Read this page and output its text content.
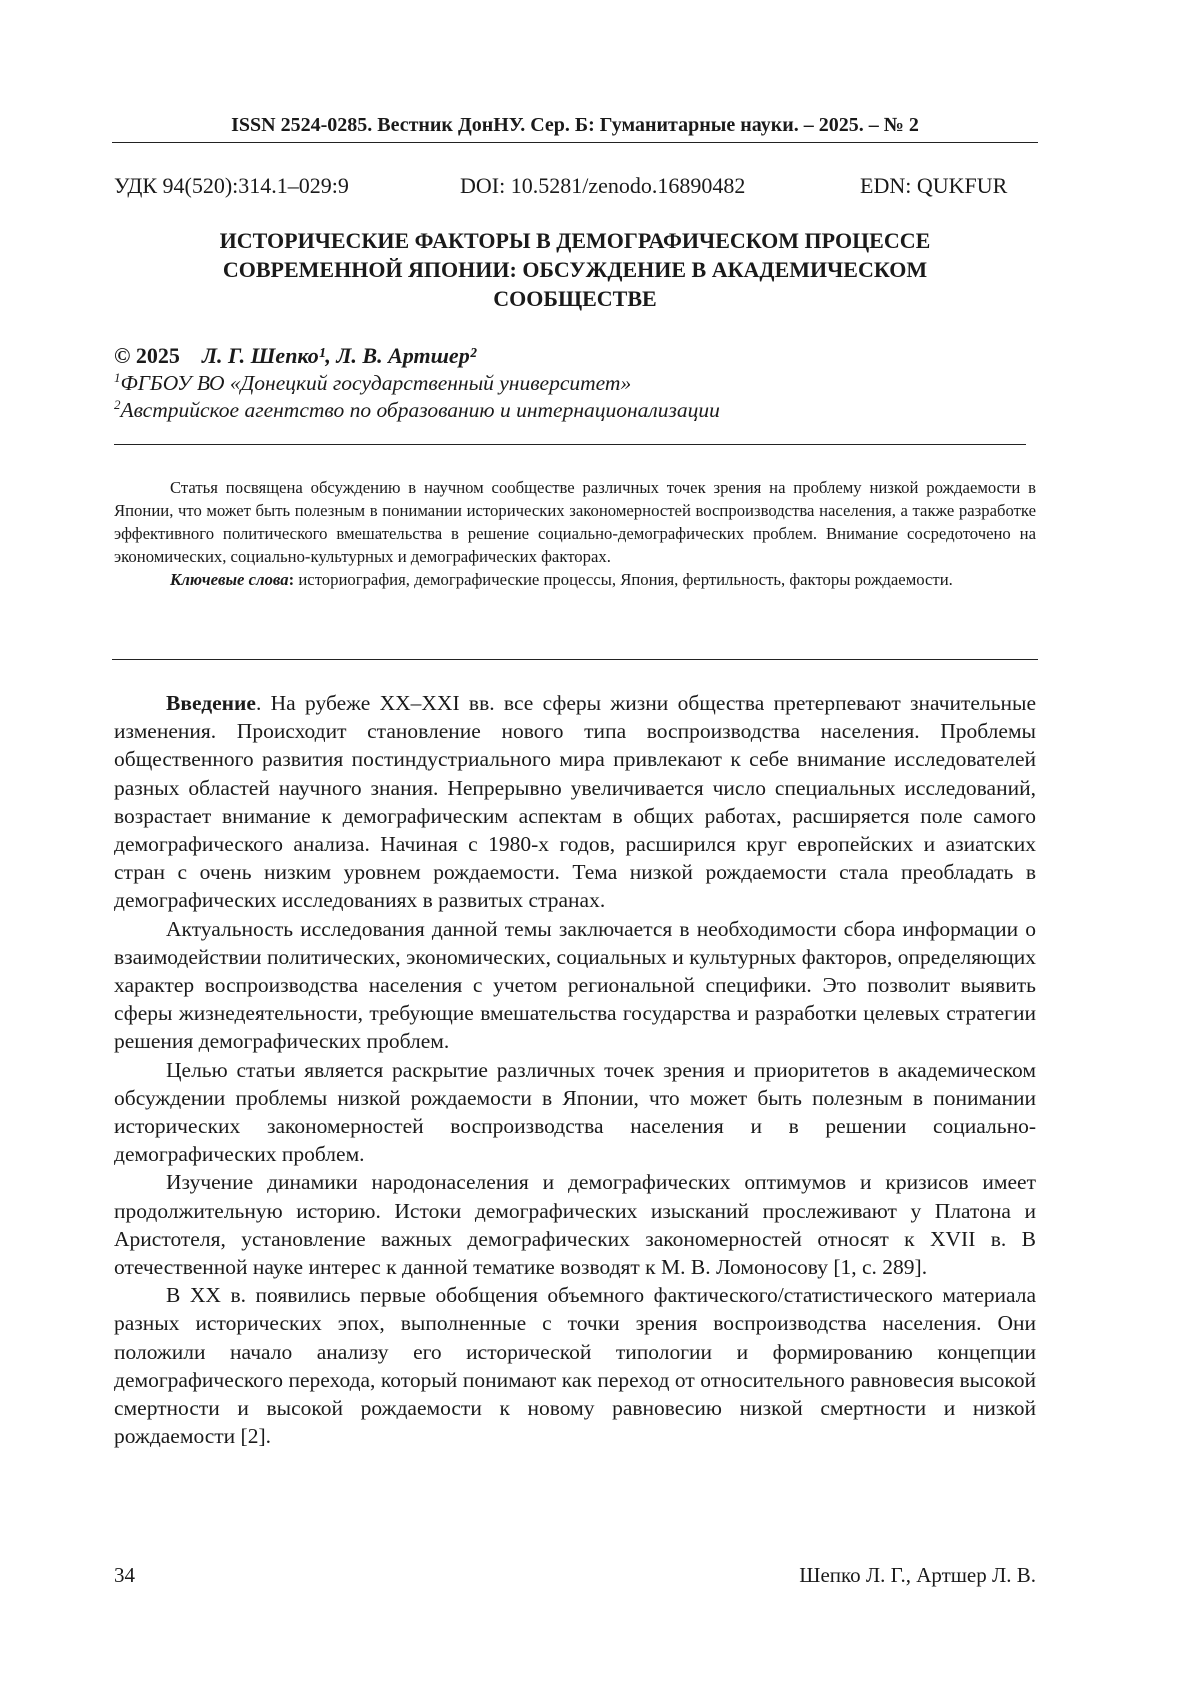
ISSN 2524-0285. Вестник ДонНУ. Сер. Б: Гуманитарные науки. – 2025. – № 2
УДК 94(520):314.1–029:9	DOI: 10.5281/zenodo.16890482	EDN: QUKFUR
ИСТОРИЧЕСКИЕ ФАКТОРЫ В ДЕМОГРАФИЧЕСКОМ ПРОЦЕССЕ СОВРЕМЕННОЙ ЯПОНИИ: ОБСУЖДЕНИЕ В АКАДЕМИЧЕСКОМ СООБЩЕСТВЕ
© 2025 Л. Г. Шепко¹, Л. В. Артшер²
$^1$ФГБОУ ВО «Донецкий государственный университет»
$^2$Австрийское агентство по образованию и интернационализации

Статья посвящена обсуждению в научном сообществе различных точек зрения на проблему низкой рождаемости в Японии, что может быть полезным в понимании исторических закономерностей воспроизводства населения, а также разработке эффективного политического вмешательства в решение социально-демографических проблем. Внимание сосредоточено на экономических, социально-культурных и демографических факторах.

Ключевые слова: историография, демографические процессы, Япония, фертильность, факторы рождаемости.

Введение. На рубеже XX–XXI вв. все сферы жизни общества претерпевают значительные изменения. Происходит становление нового типа воспроизводства населения. Проблемы общественного развития постиндустриального мира привлекают к себе внимание исследователей разных областей научного знания. Непрерывно увеличивается число специальных исследований, возрастает внимание к демографическим аспектам в общих работах, расширяется поле самого демографического анализа. Начиная с 1980-х годов, расширился круг европейских и азиатских стран с очень низким уровнем рождаемости. Тема низкой рождаемости стала преобладать в демографических исследованиях в развитых странах.

Актуальность исследования данной темы заключается в необходимости сбора информации о взаимодействии политических, экономических, социальных и культурных факторов, определяющих характер воспроизводства населения с учетом региональной специфики. Это позволит выявить сферы жизнедеятельности, требующие вмешательства государства и разработки целевых стратегии решения демографических проблем.

Целью статьи является раскрытие различных точек зрения и приоритетов в академическом обсуждении проблемы низкой рождаемости в Японии, что может быть полезным в понимании исторических закономерностей воспроизводства населения и в решении социально-демографических проблем.

Изучение динамики народонаселения и демографических оптимумов и кризисов имеет продолжительную историю. Истоки демографических изысканий прослеживают у Платона и Аристотеля, установление важных демографических закономерностей относят к XVII в. В отечественной науке интерес к данной тематике возводят к М. В. Ломоносову [1, с. 289].

В XX в. появились первые обобщения объемного фактического/статистического материала разных исторических эпох, выполненные с точки зрения воспроизводства населения. Они положили начало анализу его исторической типологии и формированию концепции демографического перехода, который понимают как переход от относительного равновесия высокой смертности и высокой рождаемости к новому равновесию низкой смертности и низкой рождаемости [2].

34	Шепко Л. Г., Артшер Л. В.
